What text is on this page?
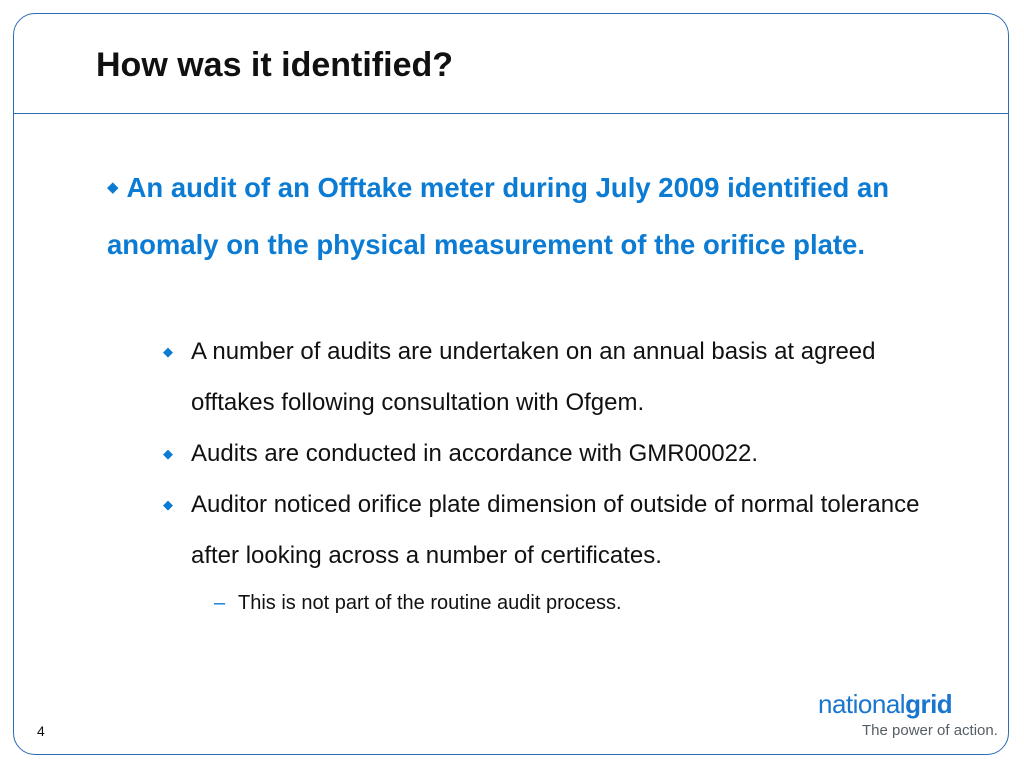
How was it identified?

◆ An audit of an Offtake meter during July 2009 identified an anomaly on the physical measurement of the orifice plate.

◆ A number of audits are undertaken on an annual basis at agreed offtakes following consultation with Ofgem.

◆ Audits are conducted in accordance with GMR00022.

◆ Auditor noticed orifice plate dimension of outside of normal tolerance after looking across a number of certificates.

– This is not part of the routine audit process.

4
nationalgrid
The power of action.
